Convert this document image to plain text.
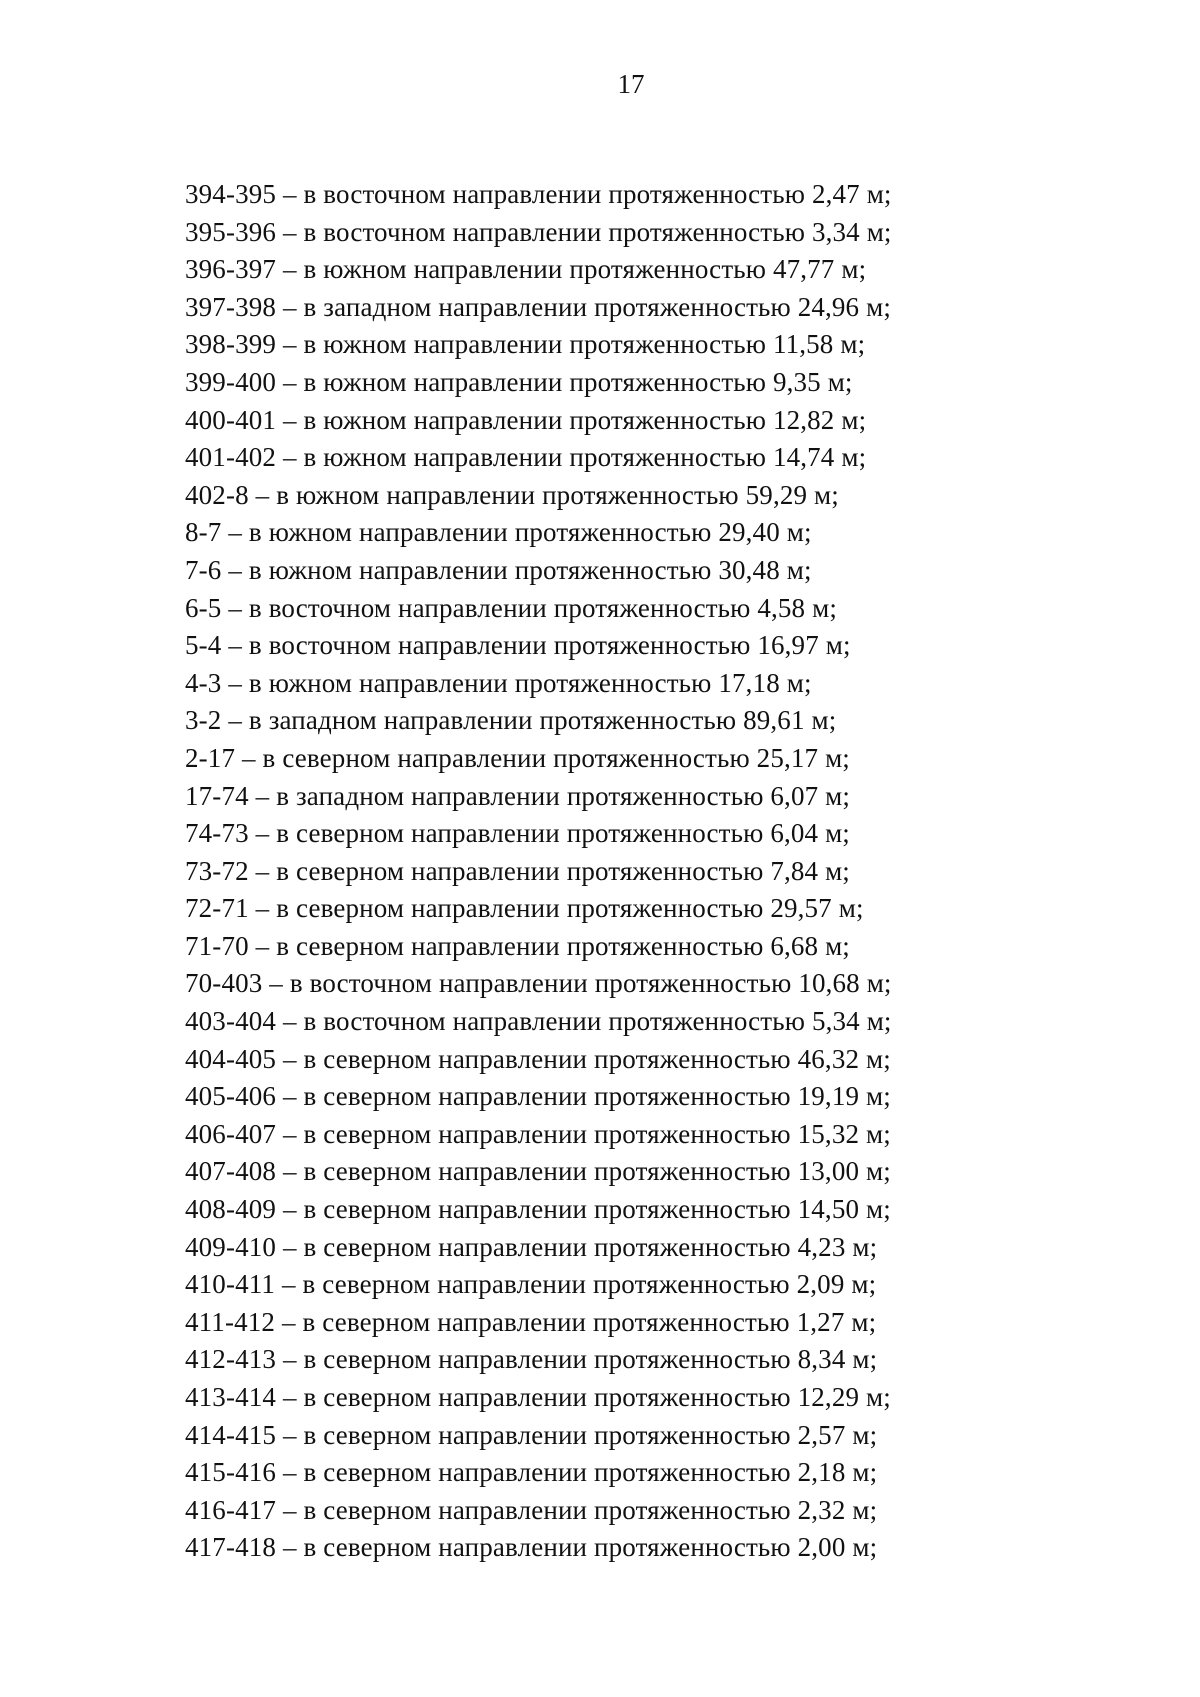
17
394-395 – в восточном направлении протяженностью 2,47 м;
395-396 – в восточном направлении протяженностью 3,34 м;
396-397 – в южном направлении протяженностью 47,77 м;
397-398 – в западном направлении протяженностью 24,96 м;
398-399 – в южном направлении протяженностью 11,58 м;
399-400 – в южном направлении протяженностью 9,35 м;
400-401 – в южном направлении протяженностью 12,82 м;
401-402 – в южном направлении протяженностью 14,74 м;
402-8 – в южном направлении протяженностью 59,29 м;
8-7 – в южном направлении протяженностью 29,40 м;
7-6 – в южном направлении протяженностью 30,48 м;
6-5 – в восточном направлении протяженностью 4,58 м;
5-4 – в восточном направлении протяженностью 16,97 м;
4-3 – в южном направлении протяженностью 17,18 м;
3-2 – в западном направлении протяженностью 89,61 м;
2-17 – в северном направлении протяженностью 25,17 м;
17-74 – в западном направлении протяженностью 6,07 м;
74-73 – в северном направлении протяженностью 6,04 м;
73-72 – в северном направлении протяженностью 7,84 м;
72-71 – в северном направлении протяженностью 29,57 м;
71-70 – в северном направлении протяженностью 6,68 м;
70-403 – в восточном направлении протяженностью 10,68 м;
403-404 – в восточном направлении протяженностью 5,34 м;
404-405 – в северном направлении протяженностью 46,32 м;
405-406 – в северном направлении протяженностью 19,19 м;
406-407 – в северном направлении протяженностью 15,32 м;
407-408 – в северном направлении протяженностью 13,00 м;
408-409 – в северном направлении протяженностью 14,50 м;
409-410 – в северном направлении протяженностью 4,23 м;
410-411 – в северном направлении протяженностью 2,09 м;
411-412 – в северном направлении протяженностью 1,27 м;
412-413 – в северном направлении протяженностью 8,34 м;
413-414 – в северном направлении протяженностью 12,29 м;
414-415 – в северном направлении протяженностью 2,57 м;
415-416 – в северном направлении протяженностью 2,18 м;
416-417 – в северном направлении протяженностью 2,32 м;
417-418 – в северном направлении протяженностью 2,00 м;
